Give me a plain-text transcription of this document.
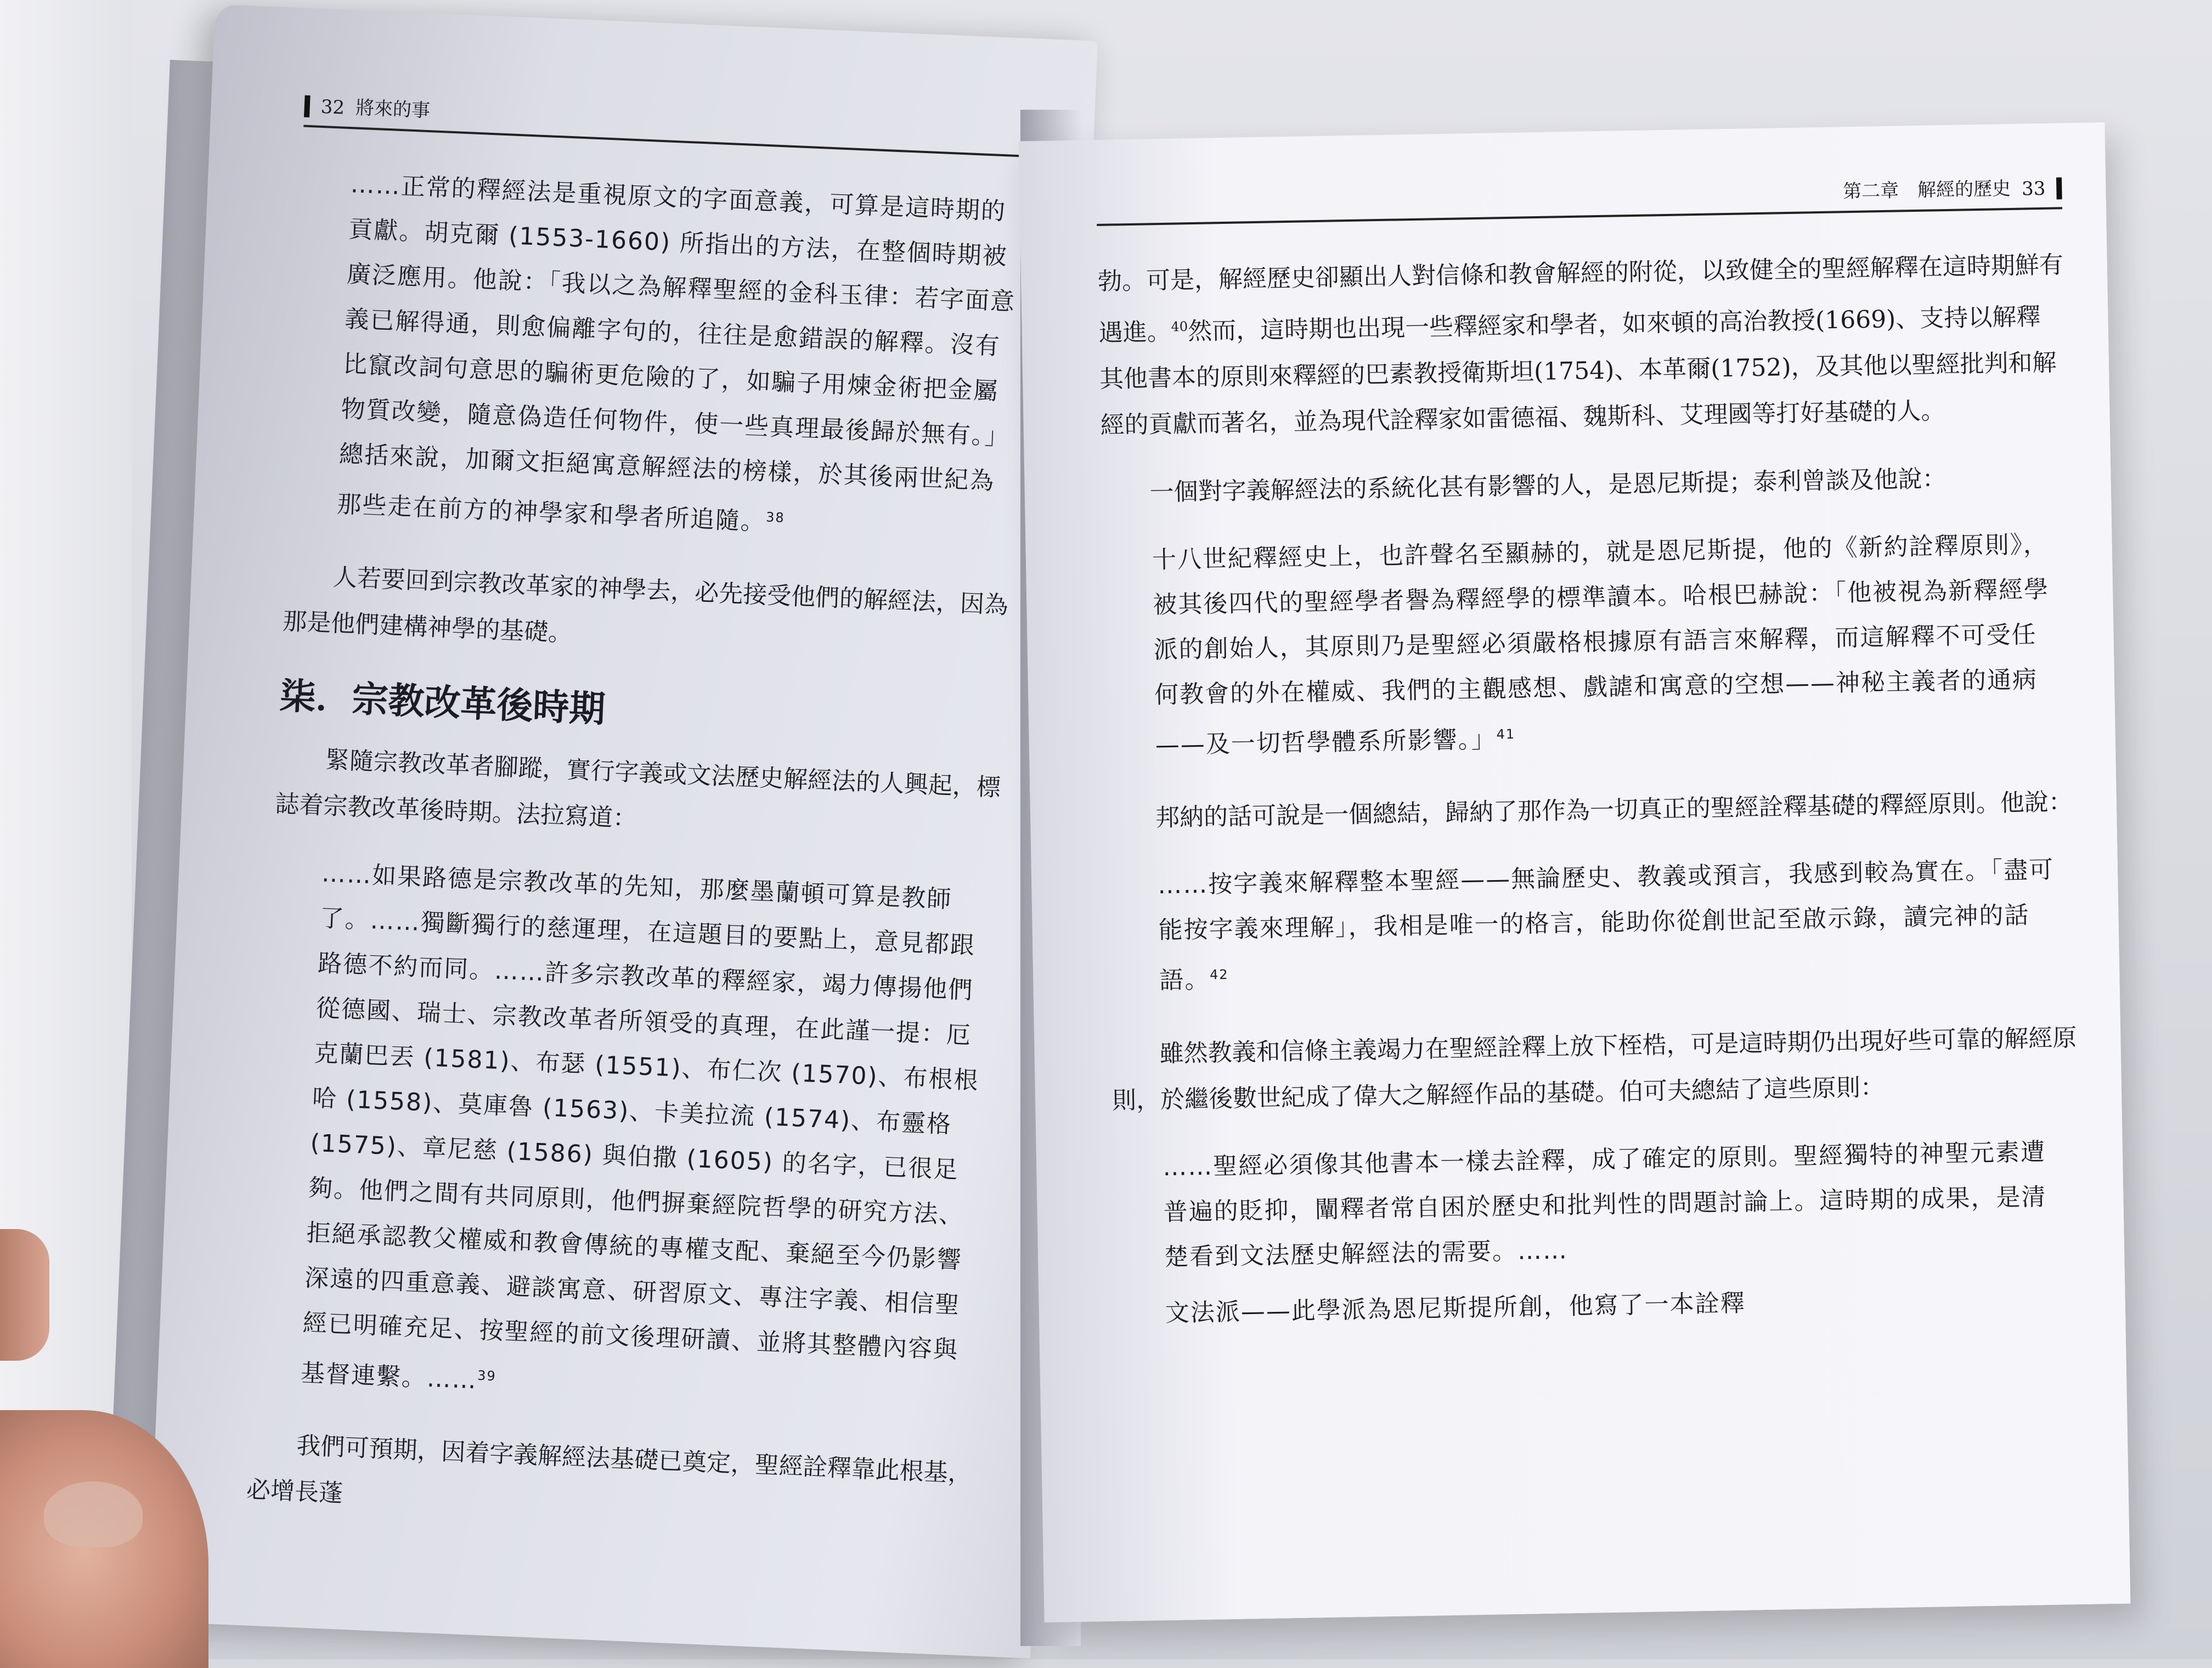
32 將來的事
……正常的釋經法是重視原文的字面意義，可算是這時期的貢獻。胡克爾 (1553-1660) 所指出的方法，在整個時期被廣泛應用。他說：「我以之為解釋聖經的金科玉律：若字面意義已解得通，則愈偏離字句的，往往是愈錯誤的解釋。沒有比竄改詞句意思的騙術更危險的了，如騙子用煉金術把金屬物質改變，隨意偽造任何物件，使一些真理最後歸於無有。」總括來說，加爾文拒絕寓意解經法的榜樣，於其後兩世紀為那些走在前方的神學家和學者所追隨。$^{38}$

人若要回到宗教改革家的神學去，必先接受他們的解經法，因為那是他們建構神學的基礎。

柒．宗教改革後時期

緊隨宗教改革者腳蹤，實行字義或文法歷史解經法的人興起，標誌着宗教改革後時期。法拉寫道：

……如果路德是宗教改革的先知，那麼墨蘭頓可算是教師了。……獨斷獨行的慈運理，在這題目的要點上，意見都跟路德不約而同。……許多宗教改革的釋經家，竭力傳揚他們從德國、瑞士、宗教改革者所領受的真理，在此謹一提：厄克蘭巴丟 (1581)、布瑟 (1551)、布仁次 (1570)、布根根哈 (1558)、莫庫魯 (1563)、卡美拉流 (1574)、布靈格 (1575)、章尼慈 (1586) 與伯撒 (1605) 的名字，已很足夠。他們之間有共同原則，他們摒棄經院哲學的研究方法、拒絕承認教父權威和教會傳統的專權支配、棄絕至今仍影響深遠的四重意義、避談寓意、研習原文、專注字義、相信聖經已明確充足、按聖經的前文後理研讀、並將其整體內容與基督連繫。……$^{39}$

我們可預期，因着字義解經法基礎已奠定，聖經詮釋靠此根基，必增長蓬

第二章　解經的歷史 33

勃。可是，解經歷史卻顯出人對信條和教會解經的附從，以致健全的聖經解釋在這時期鮮有遇進。$^{40}$然而，這時期也出現一些釋經家和學者，如來頓的高治教授(1669)、支持以解釋其他書本的原則來釋經的巴素教授衛斯坦(1754)、本革爾(1752)，及其他以聖經批判和解經的貢獻而著名，並為現代詮釋家如雷德福、魏斯科、艾理國等打好基礎的人。

一個對字義解經法的系統化甚有影響的人，是恩尼斯提；泰利曾談及他說：

十八世紀釋經史上，也許聲名至顯赫的，就是恩尼斯提，他的《新約詮釋原則》，被其後四代的聖經學者譽為釋經學的標準讀本。哈根巴赫說：「他被視為新釋經學派的創始人，其原則乃是聖經必須嚴格根據原有語言來解釋，而這解釋不可受任何教會的外在權威、我們的主觀感想、戲謔和寓意的空想——神秘主義者的通病——及一切哲學體系所影響。」$^{41}$

邦納的話可說是一個總結，歸納了那作為一切真正的聖經詮釋基礎的釋經原則。他說：

……按字義來解釋整本聖經——無論歷史、教義或預言，我感到較為實在。「盡可能按字義來理解」，我相是唯一的格言，能助你從創世記至啟示錄，讀完神的話語。$^{42}$

雖然教義和信條主義竭力在聖經詮釋上放下桎梏，可是這時期仍出現好些可靠的解經原則，於繼後數世紀成了偉大之解經作品的基礎。伯可夫總結了這些原則：

……聖經必須像其他書本一樣去詮釋，成了確定的原則。聖經獨特的神聖元素遭普遍的貶抑，闡釋者常自困於歷史和批判性的問題討論上。這時期的成果，是清楚看到文法歷史解經法的需要。……
文法派——此學派為恩尼斯提所創，他寫了一本詮釋
